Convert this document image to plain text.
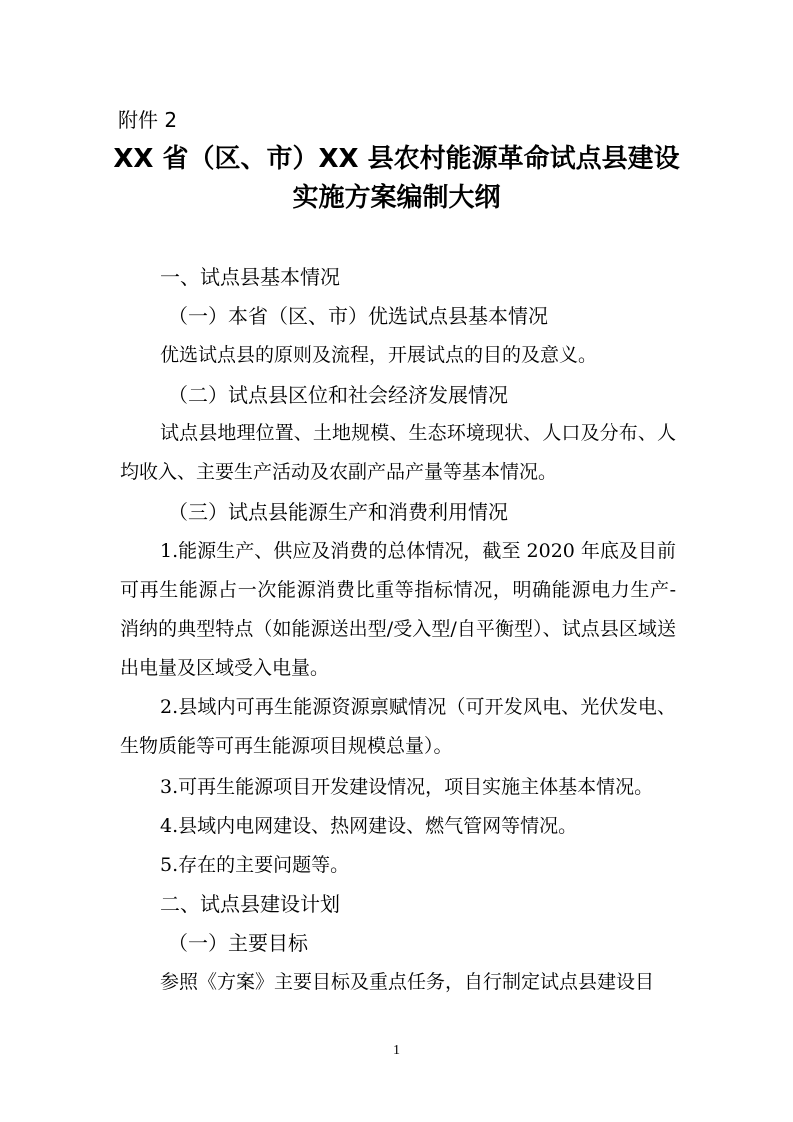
附件 2
XX 省（区、市）XX 县农村能源革命试点县建设
实施方案编制大纲
一、试点县基本情况
（一）本省（区、市）优选试点县基本情况
优选试点县的原则及流程，开展试点的目的及意义。
（二）试点县区位和社会经济发展情况
试点县地理位置、土地规模、生态环境现状、人口及分布、人均收入、主要生产活动及农副产品产量等基本情况。
（三）试点县能源生产和消费利用情况
1.能源生产、供应及消费的总体情况，截至 2020 年底及目前可再生能源占一次能源消费比重等指标情况，明确能源电力生产-消纳的典型特点（如能源送出型/受入型/自平衡型）、试点县区域送出电量及区域受入电量。
2.县域内可再生能源资源禀赋情况（可开发风电、光伏发电、生物质能等可再生能源项目规模总量）。
3.可再生能源项目开发建设情况，项目实施主体基本情况。
4.县域内电网建设、热网建设、燃气管网等情况。
5.存在的主要问题等。
二、试点县建设计划
（一）主要目标
参照《方案》主要目标及重点任务，自行制定试点县建设目
1
